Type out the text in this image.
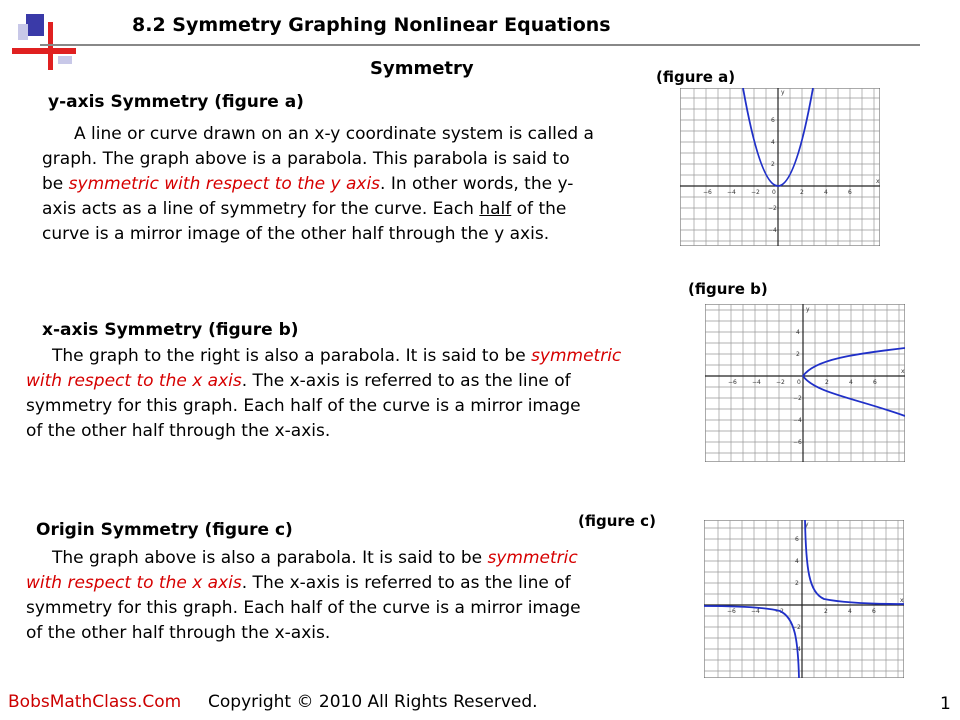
8.2 Symmetry Graphing Nonlinear Equations
Symmetry
y-axis Symmetry (figure a)
(figure a)

A line or curve drawn on an x-y coordinate system is called a

graph. The graph above is a parabola. This parabola is said to

be symmetric with respect to the y axis. In other words, the y-

axis acts as a line of symmetry for the curve. Each half of the

curve is a mirror image of the other half through the y axis.

−6	−4	−2 0	2	4	6
6
4
2
−2
−4
x
y
(figure b)
x-axis Symmetry (figure b)

The graph to the right is also a parabola. It is said to be symmetric

with respect to the x axis. The x-axis is referred to as the line of

symmetry for this graph. Each half of the curve is a mirror image

of the other half through the x-axis.

−6	−4	−2 0	2	4	6
4
2
−2
−4
−6
x
y
(figure c)
Origin Symmetry (figure c)

The graph above is also a parabola. It is said to be symmetric

with respect to the x axis. The x-axis is referred to as the line of

symmetry for this graph. Each half of the curve is a mirror image

of the other half through the x-axis.

−6	−4	−2	2	4	6
6
4
2
−2
−4
x
y
BobsMathClass.Com Copyright © 2010 All Rights Reserved.	1
